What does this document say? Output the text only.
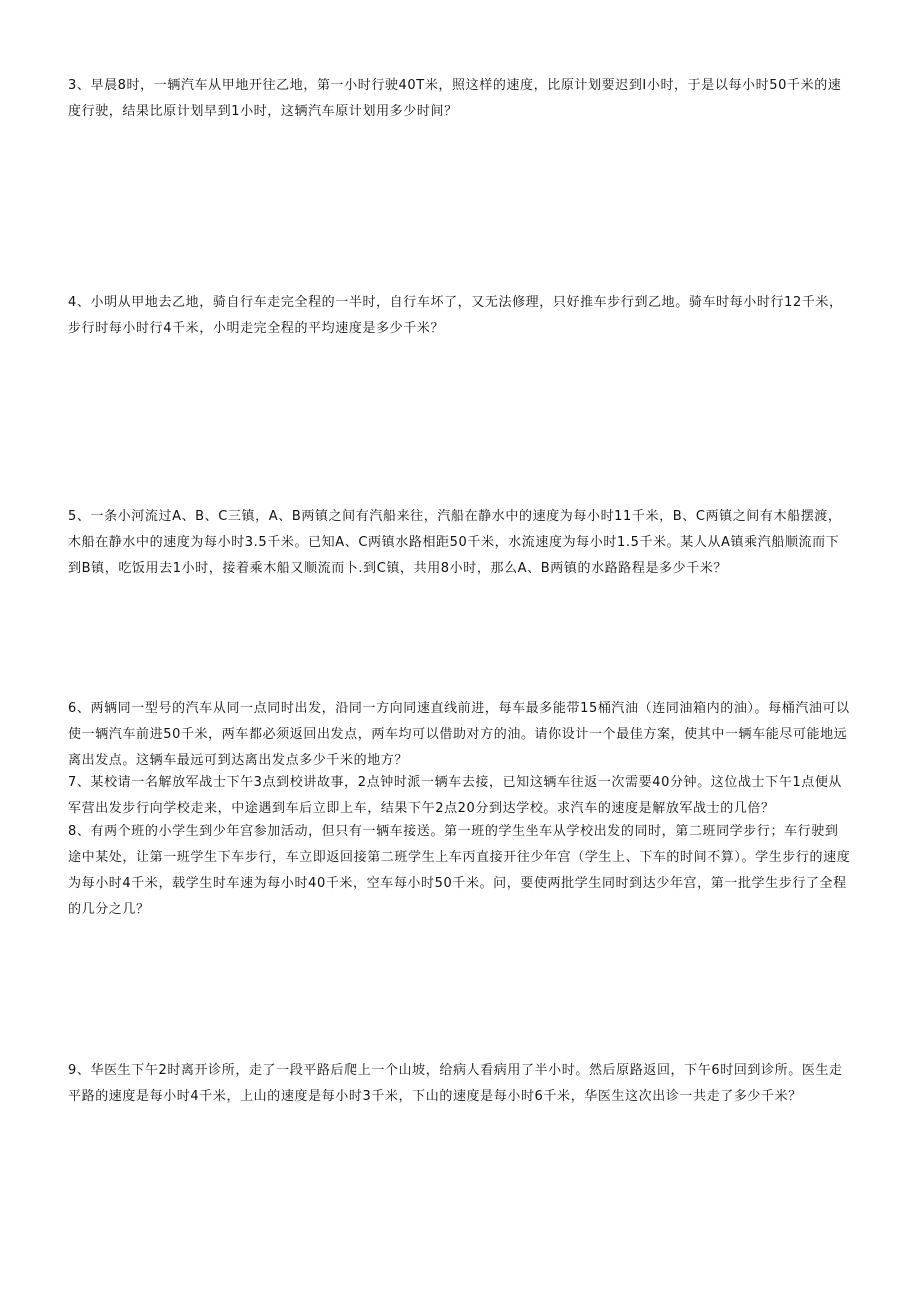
3、早晨8时，一辆汽车从甲地开往乙地，第一小时行驶40T米，照这样的速度，比原计划要迟到I小时，于是以每小时50千米的速度行驶，结果比原计划早到1小时，这辆汽车原计划用多少时间？

4、小明从甲地去乙地，骑自行车走完全程的一半时，自行车坏了，又无法修理，只好推车步行到乙地。骑车时每小时行12千米，步行时每小时行4千米，小明走完全程的平均速度是多少千米？

5、一条小河流过A、B、C三镇，A、B两镇之间有汽船来往，汽船在静水中的速度为每小时11千米，B、C两镇之间有木船摆渡，木船在静水中的速度为每小时3.5千米。已知A、C两镇水路相距50千米，水流速度为每小时1.5千米。某人从A镇乘汽船顺流而下到B镇，吃饭用去1小时，接着乘木船又顺流而卜.到C镇，共用8小时，那么A、B两镇的水路路程是多少千米？

6、两辆同一型号的汽车从同一点同时出发，沿同一方向同速直线前进，每车最多能带15桶汽油（连同油箱内的油）。每桶汽油可以使一辆汽车前进50千米，两车都必须返回出发点，两车均可以借助对方的油。请你设计一个最佳方案，使其中一辆车能尽可能地远离出发点。这辆车最远可到达离出发点多少千米的地方？

7、某校请一名解放军战士下午3点到校讲故事，2点钟时派一辆车去接，已知这辆车往返一次需要40分钟。这位战士下午1点便从军营出发步行向学校走来，中途遇到车后立即上车，结果下午2点20分到达学校。求汽车的速度是解放军战士的几倍？

8、有两个班的小学生到少年宫参加活动，但只有一辆车接送。第一班的学生坐车从学校出发的同时，第二班同学步行；车行驶到途中某处，让第一班学生下车步行，车立即返回接第二班学生上车丙直接开往少年宫（学生上、下车的时间不算）。学生步行的速度为每小时4千米，载学生时车速为每小时40千米，空车每小时50千米。问，要使两批学生同时到达少年宫，第一批学生步行了全程的几分之几？

9、华医生下午2时离开诊所，走了一段平路后爬上一个山坡，给病人看病用了半小时。然后原路返回，下午6时回到诊所。医生走平路的速度是每小时4千米，上山的速度是每小时3千米，下山的速度是每小时6千米，华医生这次出诊一共走了多少千米？
